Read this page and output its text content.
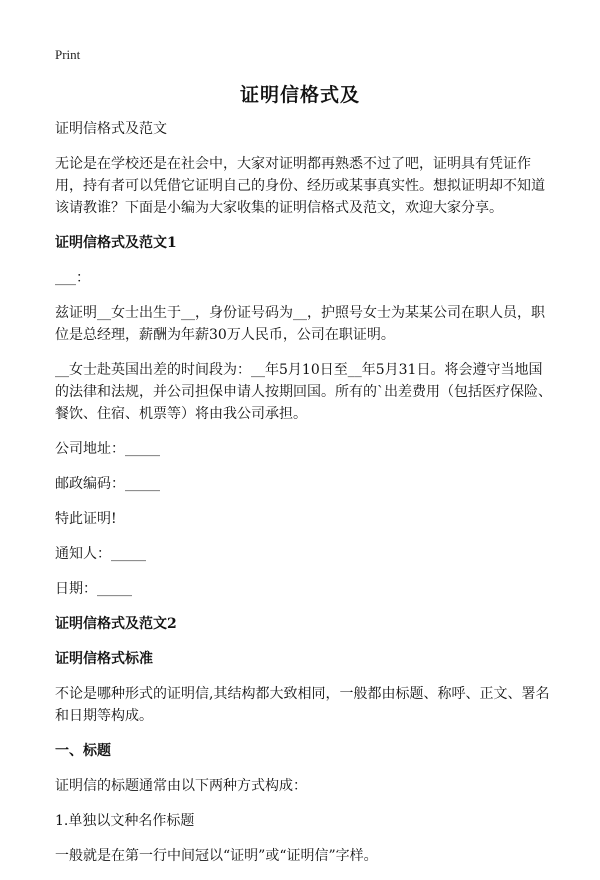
Print
证明信格式及

证明信格式及范文

无论是在学校还是在社会中，大家对证明都再熟悉不过了吧，证明具有凭证作用，持有者可以凭借它证明自己的身份、经历或某事真实性。想拟证明却不知道该请教谁？下面是小编为大家收集的证明信格式及范文，欢迎大家分享。

证明信格式及范文1

___：

兹证明__女士出生于__，身份证号码为__，护照号女士为某某公司在职人员，职位是总经理，薪酬为年薪30万人民币，公司在职证明。

__女士赴英国出差的时间段为：__年5月10日至__年5月31日。将会遵守当地国的法律和法规，并公司担保申请人按期回国。所有的`出差费用（包括医疗保险、餐饮、住宿、机票等）将由我公司承担。

公司地址：_____

邮政编码：_____

特此证明!

通知人：_____

日期：_____

证明信格式及范文2

证明信格式标准

不论是哪种形式的证明信,其结构都大致相同，一般都由标题、称呼、正文、署名和日期等构成。

一、标题

证明信的标题通常由以下两种方式构成：

1.单独以文种名作标题

一般就是在第一行中间冠以“证明”或“证明信”字样。
